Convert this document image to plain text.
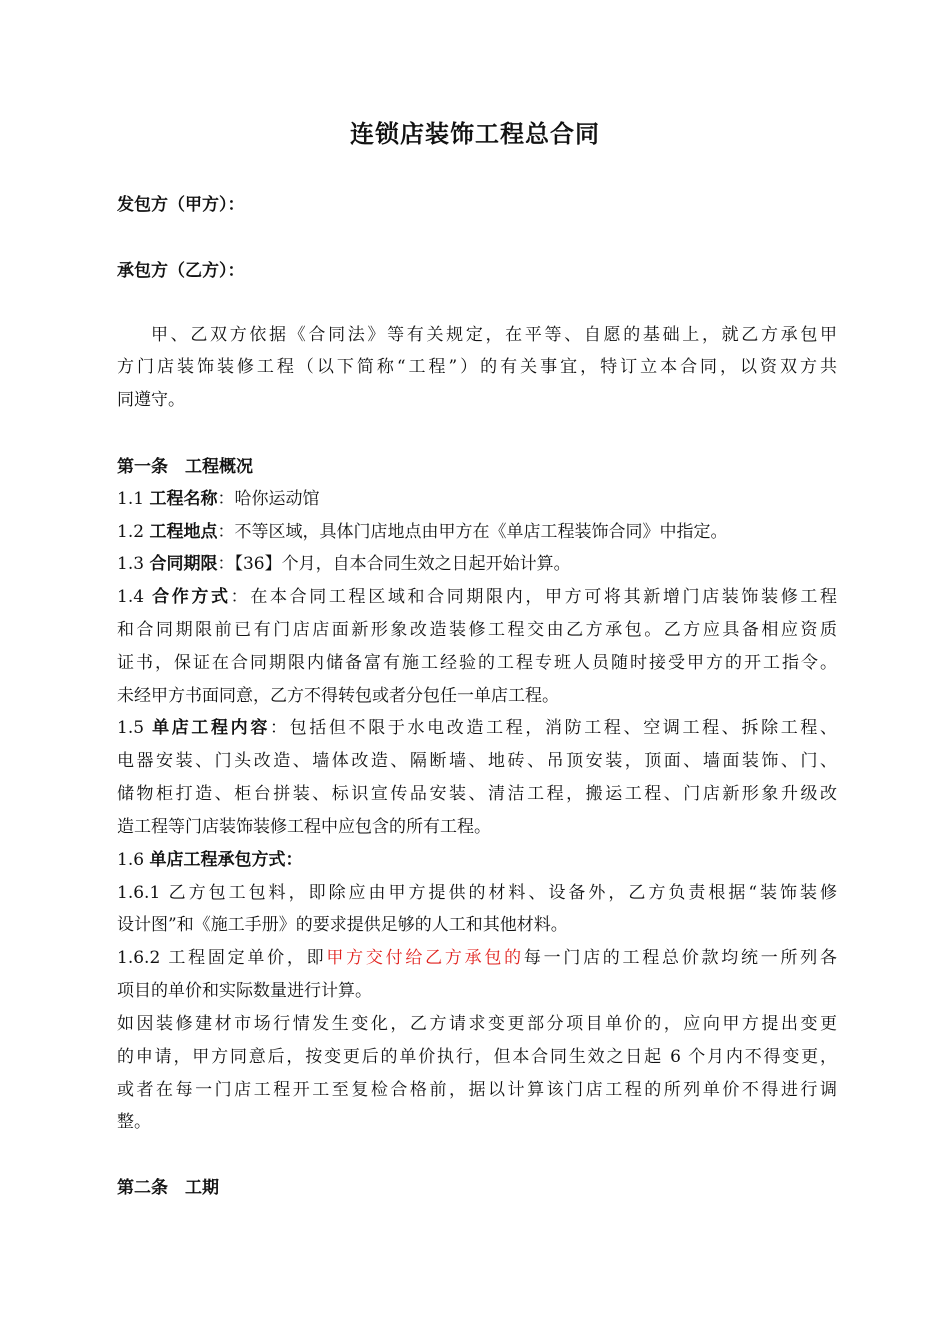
连锁店装饰工程总合同
发包方（甲方）：
承包方（乙方）：
甲、乙双方依据《合同法》等有关规定，在平等、自愿的基础上，就乙方承包甲
方门店装饰装修工程（以下简称“工程”）的有关事宜，特订立本合同，以资双方共
同遵守。
第一条　工程概况
1.1 工程名称：哈你运动馆
1.2 工程地点：不等区域，具体门店地点由甲方在《单店工程装饰合同》中指定。
1.3 合同期限：【36】个月，自本合同生效之日起开始计算。
1.4 合作方式：在本合同工程区域和合同期限内，甲方可将其新增门店装饰装修工程
和合同期限前已有门店店面新形象改造装修工程交由乙方承包。乙方应具备相应资质
证书，保证在合同期限内储备富有施工经验的工程专班人员随时接受甲方的开工指令。
未经甲方书面同意，乙方不得转包或者分包任一单店工程。
1.5 单店工程内容：包括但不限于水电改造工程，消防工程、空调工程、拆除工程、
电器安装、门头改造、墙体改造、隔断墙、地砖、吊顶安装，顶面、墙面装饰、门、
储物柜打造、柜台拼装、标识宣传品安装、清洁工程，搬运工程、门店新形象升级改
造工程等门店装饰装修工程中应包含的所有工程。
1.6 单店工程承包方式：
1.6.1 乙方包工包料，即除应由甲方提供的材料、设备外，乙方负责根据“装饰装修
设计图”和《施工手册》的要求提供足够的人工和其他材料。
1.6.2 工程固定单价，即甲方交付给乙方承包的每一门店的工程总价款均统一所列各
项目的单价和实际数量进行计算。
如因装修建材市场行情发生变化，乙方请求变更部分项目单价的，应向甲方提出变更
的申请，甲方同意后，按变更后的单价执行，但本合同生效之日起 6 个月内不得变更，
或者在每一门店工程开工至复检合格前，据以计算该门店工程的所列单价不得进行调
整。
第二条　工期
